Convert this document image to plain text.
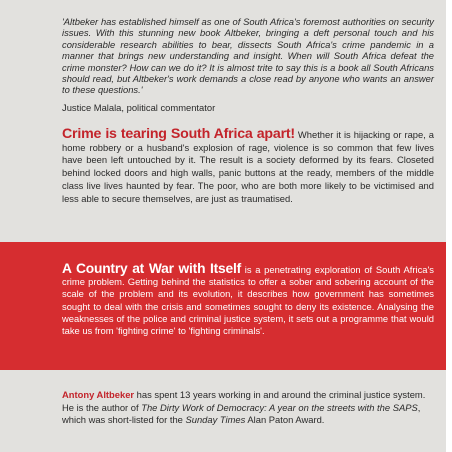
'Altbeker has established himself as one of South Africa's foremost authorities on security issues. With this stunning new book Altbeker, bringing a deft personal touch and his considerable research abilities to bear, dissects South Africa's crime pandemic in a manner that brings new understanding and insight. When will South Africa defeat the crime monster? How can we do it? It is almost trite to say this is a book all South Africans should read, but Altbeker's work demands a close read by anyone who wants an answer to these questions.'

Justice Malala, political commentator

Crime is tearing South Africa apart! Whether it is hijacking or rape, a home robbery or a husband's explosion of rage, violence is so common that few lives have been left untouched by it. The result is a society deformed by its fears. Closeted behind locked doors and high walls, panic buttons at the ready, members of the middle class live lives haunted by fear. The poor, who are both more likely to be victimised and less able to secure themselves, are just as traumatised.

A Country at War with Itself is a penetrating exploration of South Africa's crime problem. Getting behind the statistics to offer a sober and sobering account of the scale of the problem and its evolution, it describes how government has sometimes sought to deal with the crisis and sometimes sought to deny its existence. Analysing the weaknesses of the police and criminal justice system, it sets out a programme that would take us from 'fighting crime' to 'fighting criminals'.

Antony Altbeker has spent 13 years working in and around the criminal justice system. He is the author of The Dirty Work of Democracy: A year on the streets with the SAPS, which was short-listed for the Sunday Times Alan Paton Award.
